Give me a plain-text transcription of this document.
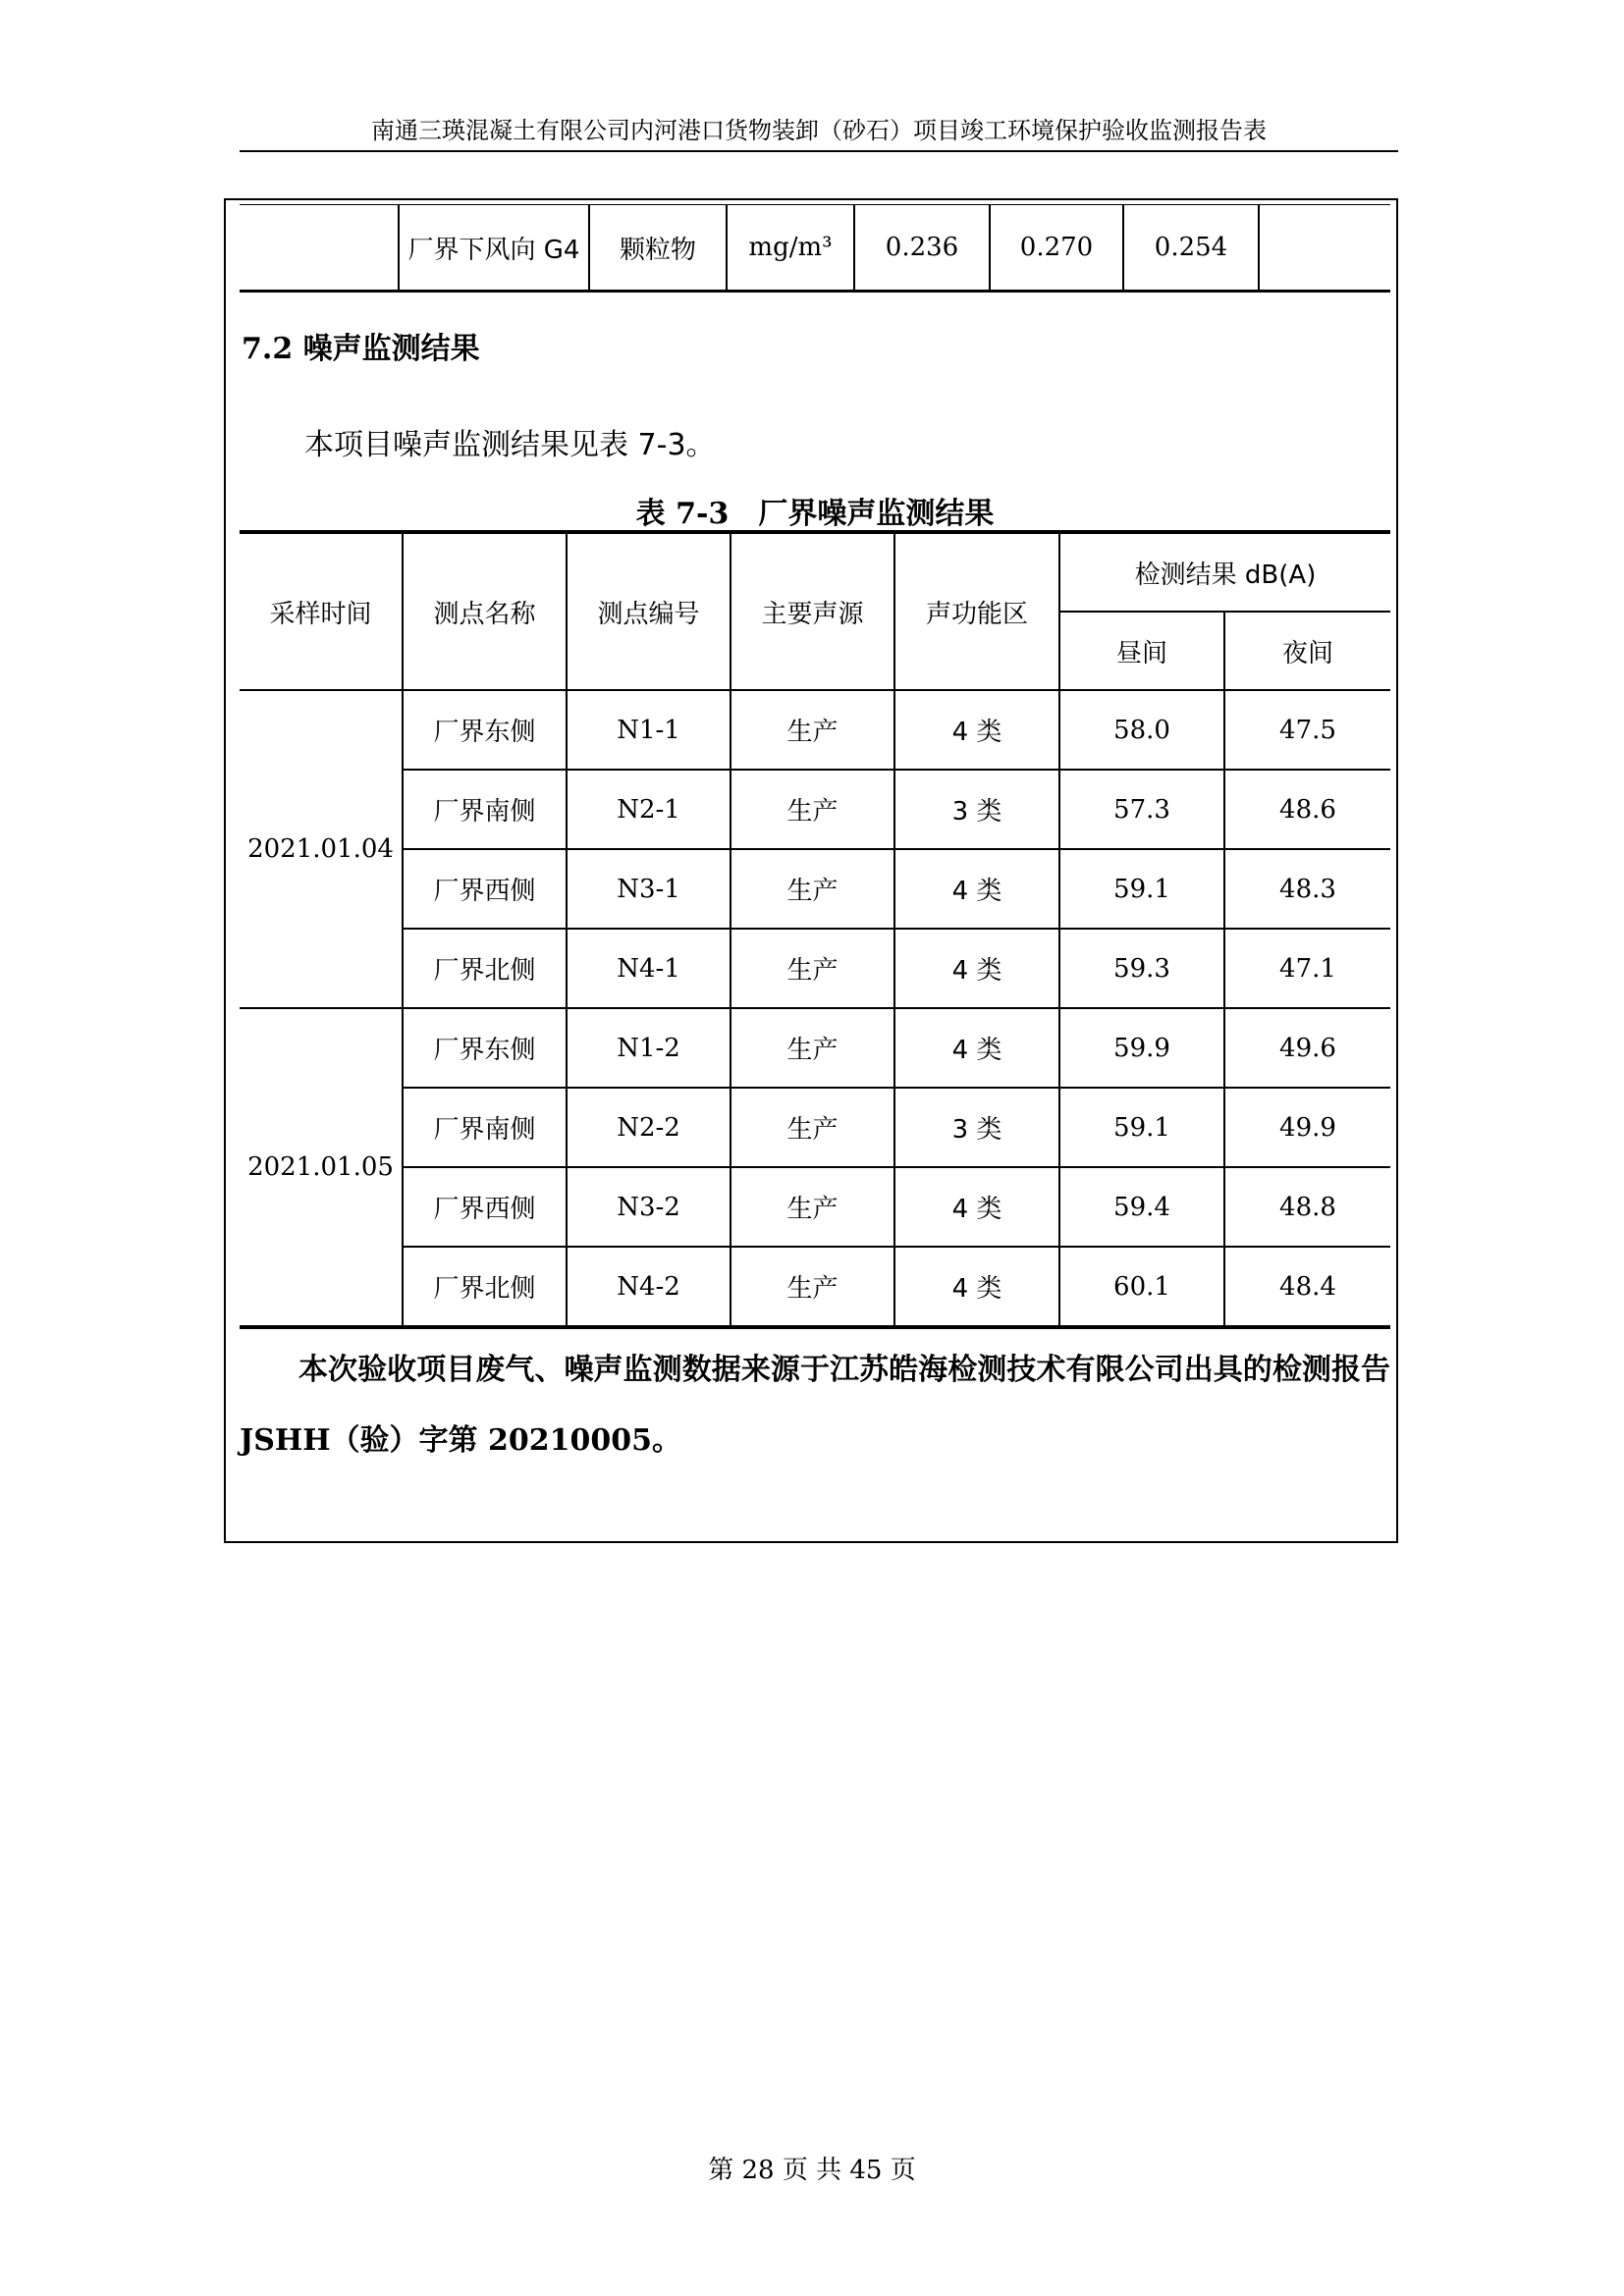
南通三瑛混凝土有限公司内河港口货物装卸（砂石）项目竣工环境保护验收监测报告表
	厂界下风向 G4	颗粒物	mg/m³	0.236	0.270	0.254	
7.2 噪声监测结果
本项目噪声监测结果见表 7-3。
表 7-3　厂界噪声监测结果
采样时间	测点名称	测点编号	主要声源	声功能区	检测结果 dB(A)	
					昼间	夜间
2021.01.04	厂界东侧	N1-1	生产	4 类	58.0	47.5
	厂界南侧	N2-1	生产	3 类	57.3	48.6
	厂界西侧	N3-1	生产	4 类	59.1	48.3
	厂界北侧	N4-1	生产	4 类	59.3	47.1
2021.01.05	厂界东侧	N1-2	生产	4 类	59.9	49.6
	厂界南侧	N2-2	生产	3 类	59.1	49.9
	厂界西侧	N3-2	生产	4 类	59.4	48.8
	厂界北侧	N4-2	生产	4 类	60.1	48.4
本次验收项目废气、噪声监测数据来源于江苏皓海检测技术有限公司出具的检测报告 JSHH（验）字第 20210005。
第 28 页 共 45 页
